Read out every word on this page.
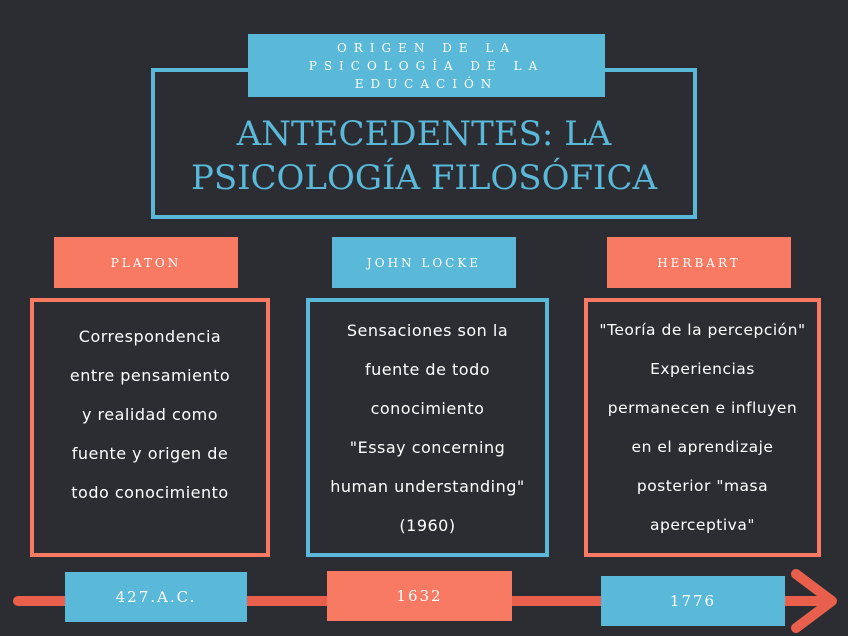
ORIGEN DE LA PSICOLOGÍA DE LA EDUCACIÓN
ANTECEDENTES: LA
PSICOLOGÍA FILOSÓFICA
PLATON	JOHN LOCKE	HERBART

Correspondencia

entre pensamiento

y realidad como

fuente y origen de

todo conocimiento

Sensaciones son la

fuente de todo

conocimiento

"Essay concerning

human understanding"

(1960)

"Teoría de la percepción"

Experiencias

permanecen e influyen

en el aprendizaje

posterior "masa

aperceptiva"

427.A.C.	1632	1776
